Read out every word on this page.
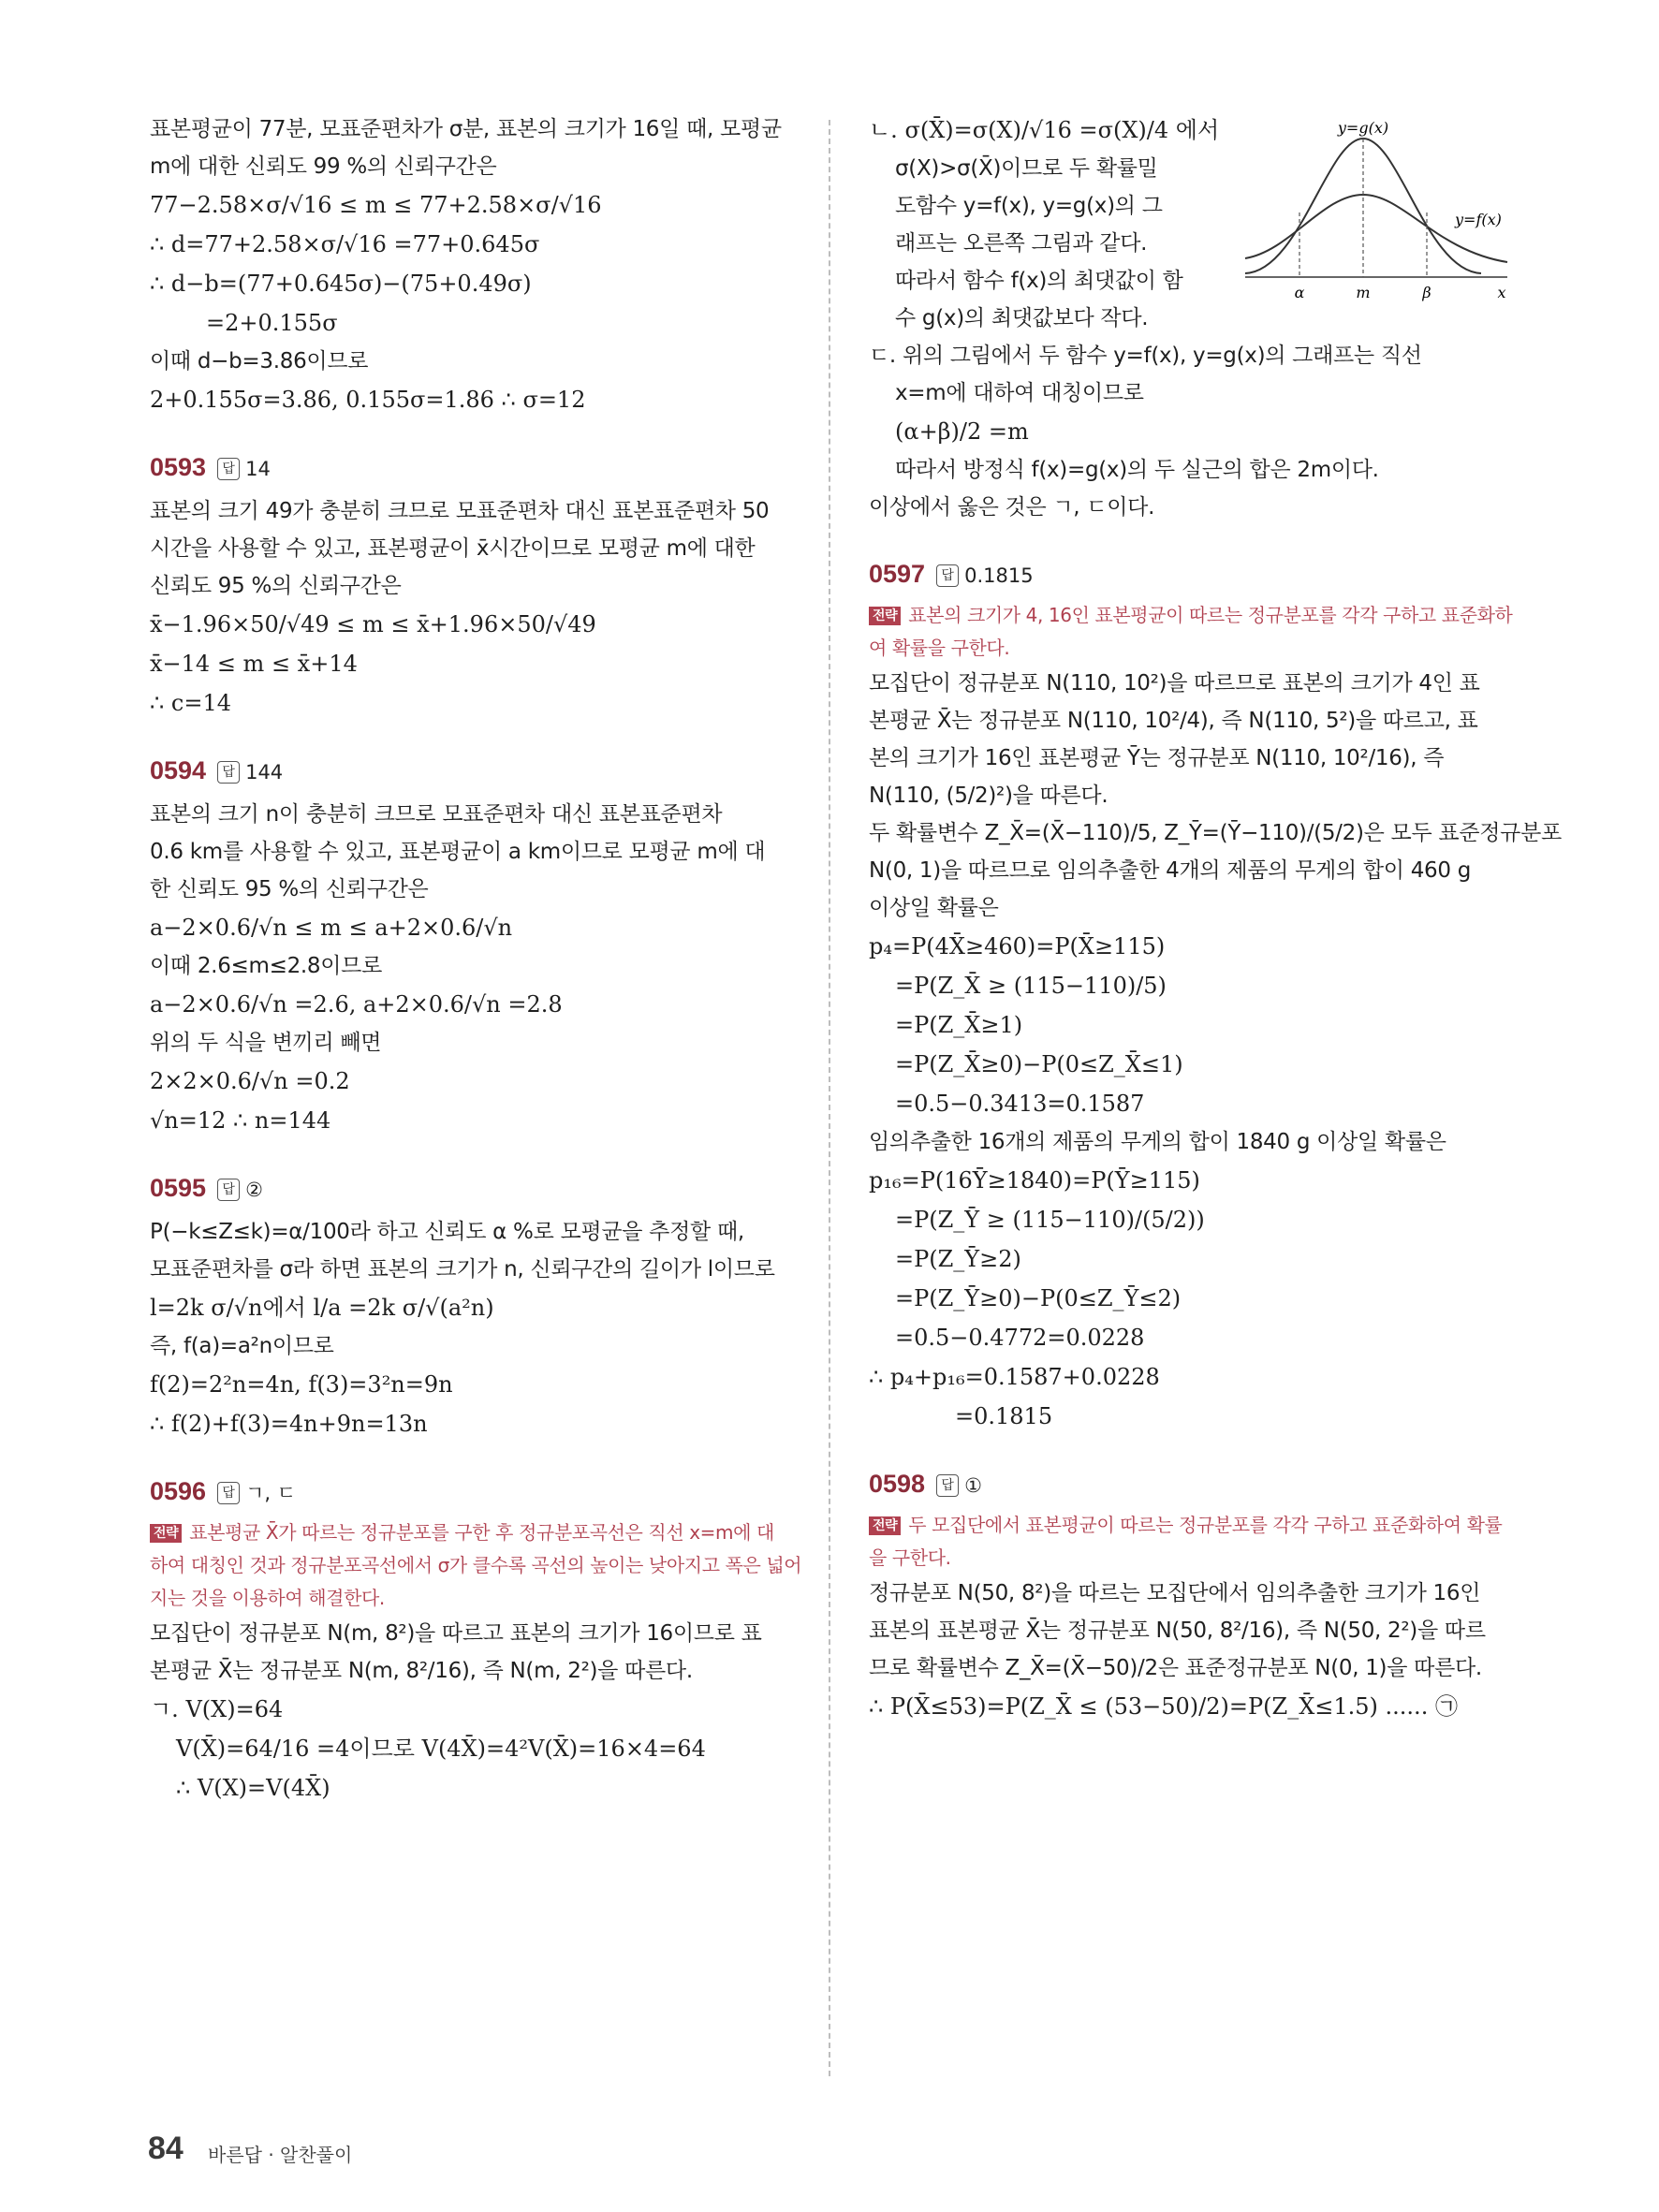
표본평균이 77분, 모표준편차가 σ분, 표본의 크기가 16일 때, 모평균
m에 대한 신뢰도 99 %의 신뢰구간은
77−2.58×σ/√16 ≤ m ≤ 77+2.58×σ/√16
∴ d=77+2.58×σ/√16 =77+0.645σ
∴ d−b=(77+0.645σ)−(75+0.49σ)
=2+0.155σ
이때 d−b=3.86이므로
2+0.155σ=3.86, 0.155σ=1.86 ∴ σ=12
0593 답 14
표본의 크기 49가 충분히 크므로 모표준편차 대신 표본표준편차 50
시간을 사용할 수 있고, 표본평균이 x̄시간이므로 모평균 m에 대한
신뢰도 95 %의 신뢰구간은
x̄−1.96×50/√49 ≤ m ≤ x̄+1.96×50/√49
x̄−14 ≤ m ≤ x̄+14
∴ c=14
0594 답 144
표본의 크기 n이 충분히 크므로 모표준편차 대신 표본표준편차
0.6 km를 사용할 수 있고, 표본평균이 a km이므로 모평균 m에 대
한 신뢰도 95 %의 신뢰구간은
a−2×0.6/√n ≤ m ≤ a+2×0.6/√n
이때 2.6≤m≤2.8이므로
a−2×0.6/√n =2.6, a+2×0.6/√n =2.8
위의 두 식을 변끼리 빼면
2×2×0.6/√n =0.2
√n=12 ∴ n=144
0595 답 ②
P(−k≤Z≤k)=α/100라 하고 신뢰도 α %로 모평균을 추정할 때,
모표준편차를 σ라 하면 표본의 크기가 n, 신뢰구간의 길이가 l이므로
l=2k σ/√n에서 l/a =2k σ/√(a²n)
즉, f(a)=a²n이므로
f(2)=2²n=4n, f(3)=3²n=9n
∴ f(2)+f(3)=4n+9n=13n
0596 답 ㄱ, ㄷ
전략 표본평균 X̄가 따르는 정규분포를 구한 후 정규분포곡선은 직선 x=m에 대
하여 대칭인 것과 정규분포곡선에서 σ가 클수록 곡선의 높이는 낮아지고 폭은 넓어
지는 것을 이용하여 해결한다.
모집단이 정규분포 N(m, 8²)을 따르고 표본의 크기가 16이므로 표
본평균 X̄는 정규분포 N(m, 8²/16), 즉 N(m, 2²)을 따른다.
ㄱ. V(X)=64
V(X̄)=64/16 =4이므로 V(4X̄)=4²V(X̄)=16×4=64
∴ V(X)=V(4X̄)
ㄴ. σ(X̄)=σ(X)/√16 =σ(X)/4 에서
σ(X)>σ(X̄)이므로 두 확률밀
도함수 y=f(x), y=g(x)의 그
래프는 오른쪽 그림과 같다.
따라서 함수 f(x)의 최댓값이 함
수 g(x)의 최댓값보다 작다.
ㄷ. 위의 그림에서 두 함수 y=f(x), y=g(x)의 그래프는 직선
x=m에 대하여 대칭이므로
(α+β)/2 =m
따라서 방정식 f(x)=g(x)의 두 실근의 합은 2m이다.
이상에서 옳은 것은 ㄱ, ㄷ이다.
0597 답 0.1815
전략 표본의 크기가 4, 16인 표본평균이 따르는 정규분포를 각각 구하고 표준화하
여 확률을 구한다.
모집단이 정규분포 N(110, 10²)을 따르므로 표본의 크기가 4인 표
본평균 X̄는 정규분포 N(110, 10²/4), 즉 N(110, 5²)을 따르고, 표
본의 크기가 16인 표본평균 Ȳ는 정규분포 N(110, 10²/16), 즉
N(110, (5/2)²)을 따른다.
두 확률변수 Z_X̄=(X̄−110)/5, Z_Ȳ=(Ȳ−110)/(5/2)은 모두 표준정규분포
N(0, 1)을 따르므로 임의추출한 4개의 제품의 무게의 합이 460 g
이상일 확률은
p₄=P(4X̄≥460)=P(X̄≥115)
=P(Z_X̄ ≥ (115−110)/5)
=P(Z_X̄≥1)
=P(Z_X̄≥0)−P(0≤Z_X̄≤1)
=0.5−0.3413=0.1587
임의추출한 16개의 제품의 무게의 합이 1840 g 이상일 확률은
p₁₆=P(16Ȳ≥1840)=P(Ȳ≥115)
=P(Z_Ȳ ≥ (115−110)/(5/2))
=P(Z_Ȳ≥2)
=P(Z_Ȳ≥0)−P(0≤Z_Ȳ≤2)
=0.5−0.4772=0.0228
∴ p₄+p₁₆=0.1587+0.0228
=0.1815
0598 답 ①
전략 두 모집단에서 표본평균이 따르는 정규분포를 각각 구하고 표준화하여 확률
을 구한다.
정규분포 N(50, 8²)을 따르는 모집단에서 임의추출한 크기가 16인
표본의 표본평균 X̄는 정규분포 N(50, 8²/16), 즉 N(50, 2²)을 따르
므로 확률변수 Z_X̄=(X̄−50)/2은 표준정규분포 N(0, 1)을 따른다.
∴ P(X̄≤53)=P(Z_X̄ ≤ (53−50)/2)=P(Z_X̄≤1.5) ...... ㉠
y=g(x)
y=f(x)
α	m	β	x
84 바른답 · 알찬풀이
